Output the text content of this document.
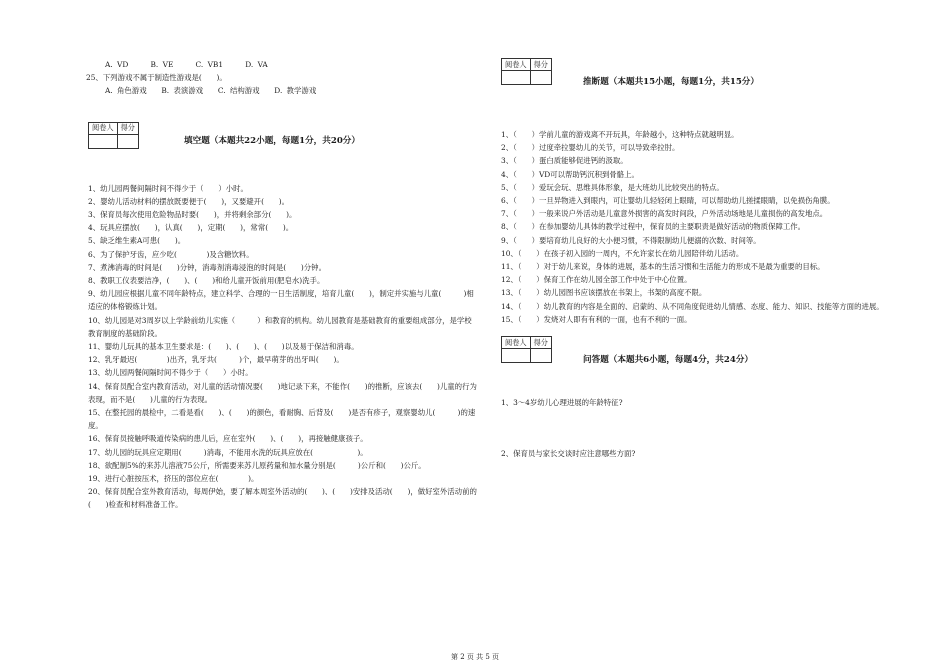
A. VD　　　B. VE　　　C. VB1　　　D. VA
25、下列游戏不属于制造性游戏是(　　)。
A. 角色游戏　　B. 表演游戏　　C. 结构游戏　　D. 教学游戏
阅卷人	得分

填空题（本题共22小题，每题1分，共20分）
1、幼儿园两餐间隔时间不得少于（　　）小时。
2、婴幼儿活动材料的摆放既要便于(　　)，又要避开(　　)。
3、保育员每次使用危险物品时要(　　)，并将剩余部分(　　)。
4、玩具应摆放(　　)，认真(　　)，定期(　　)，常常(　　)。
5、缺乏维生素A可患(　　)。
6、为了保护牙齿，应少吃(　　　　)及含糖饮料。
7、煮沸消毒的时间是(　　)分钟，消毒剂消毒浸泡的时间是(　　)分钟。
8、教职工仪表要洁净，(　　)、(　　)和给儿童开饭前用(肥皂水)洗手。
9、幼儿园应根据儿童不同年龄特点，建立科学、合理的一日生活制度，培育儿童(　　)，制定并实施与儿童(　　　)相适应的体格锻炼计划。
10、幼儿园是对3周岁以上学龄前幼儿实施（　　　）和教育的机构。幼儿园教育是基础教育的重要组成部分，是学校教育制度的基础阶段。
11、婴幼儿玩具的基本卫生要求是：(　　)、(　　)、(　　)以及易于保洁和消毒。
12、乳牙最迟(　　　　)出齐，乳牙共(　　　)个，最早萌芽的出牙叫(　　)。
13、幼儿园两餐间隔时间不得少于（　　）小时。
14、保育员配合室内教育活动，对儿童的活动情况要(　　)地记录下来，不能作(　　)的推断，应该去(　　)儿童的行为表现，而不是(　　)儿童的行为表现。
15、在整托园的晨检中，二看是看(　　)、(　　)的颜色，看耐胸、后背及(　　)是否有疹子，观察婴幼儿(　　　)的速度。
16、保育员接触呼吸道传染病的患儿后，应在室外(　　)、(　　)，再接触健康孩子。
17、幼儿园的玩具应定期用(　　　)消毒，不能用水洗的玩具应放在(　　　　　　)。
18、欲配制5%的来苏儿溶液75公斤，所需要来苏儿原药量和加水量分别是(　　　)公斤和(　　)公斤。
19、进行心脏按压术，挤压的部位应在(　　　　)。
20、保育员配合室外教育活动，每周伊始，要了解本周室外活动的(　　)、(　　)安排及活动(　　)，做好室外活动前的(　　)检查和材料准备工作。
阅卷人	得分

推断题（本题共15小题，每题1分，共15分）
1、（　　）学前儿童的游戏离不开玩具，年龄越小，这种特点就越明显。
2、（　　）过度牵拉婴幼儿的关节，可以导致牵拉肘。
3、（　　）蛋白质能够促进钙的汲取。
4、（　　）VD可以帮助钙沉积到骨骼上。
5、（　　）爱玩会玩、思维具体形象，是大班幼儿比较突出的特点。
6、（　　）一旦异物进入到眼内，可让婴幼儿轻轻闭上眼睛，可以帮助幼儿搓揉眼睛，以免损伤角膜。
7、（　　）一般来说户外活动是儿童意外损害的高发时间段，户外活动场地是儿童损伤的高发地点。
8、（　　）在参加婴幼儿具体的教学过程中，保育员的主要职责是做好活动的物质保障工作。
9、（　　）要培育幼儿良好的大小便习惯，不得限制幼儿便溺的次数、时间等。
10、（　　）在孩子初入园的一周内，不允许家长在幼儿园陪伴幼儿活动。
11、（　　）对于幼儿来说，身体的进展，基本的生活习惯和生活能力的形成不是最为重要的目标。
12、（　　）保育工作在幼儿园全部工作中处于中心位置。
13、（　　）幼儿园图书应该摆放在书架上，书架的高度不限。
14、（　　）幼儿教育的内容是全面的、启蒙的、从不同角度促进幼儿情感、态度、能力、知识、技能等方面的进展。
15、（　　）发烧对人即有有利的一面，也有不利的一面。
阅卷人	得分

问答题（本题共6小题，每题4分，共24分）
1、3～4岁幼儿心理进展的年龄特征?
2、保育员与家长交谈时应注意哪些方面?
第 2 页 共 5 页
